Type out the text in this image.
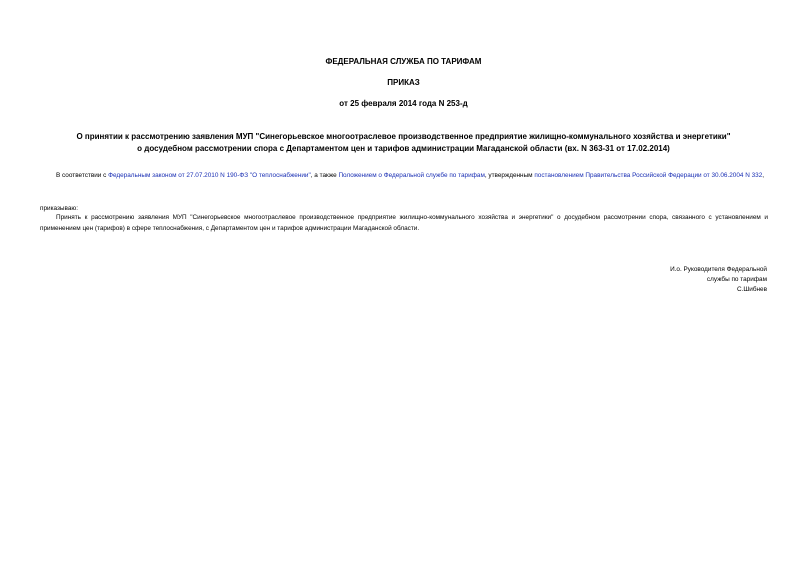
ФЕДЕРАЛЬНАЯ СЛУЖБА ПО ТАРИФАМ

ПРИКАЗ

от 25 февраля 2014 года N 253-д

О принятии к рассмотрению заявления МУП "Синегорьевское многоотраслевое производственное предприятие жилищно-коммунального хозяйства и энергетики"
о досудебном рассмотрении спора с Департаментом цен и тарифов администрации Магаданской области (вх. N 363-31 от 17.02.2014)

В соответствии с Федеральным законом от 27.07.2010 N 190-ФЗ "О теплоснабжении", а также Положением о Федеральной службе по тарифам, утвержденным постановлением Правительства Российской Федерации от 30.06.2004 N 332,

приказываю:

Принять к рассмотрению заявления МУП "Синегорьевское многоотраслевое производственное предприятие жилищно-коммунального хозяйства и энергетики" о досудебном рассмотрении спора, связанного с установлением и применением цен (тарифов) в сфере теплоснабжения, с Департаментом цен и тарифов администрации Магаданской области.

И.о. Руководителя Федеральной
службы по тарифам
С.Шибнев
